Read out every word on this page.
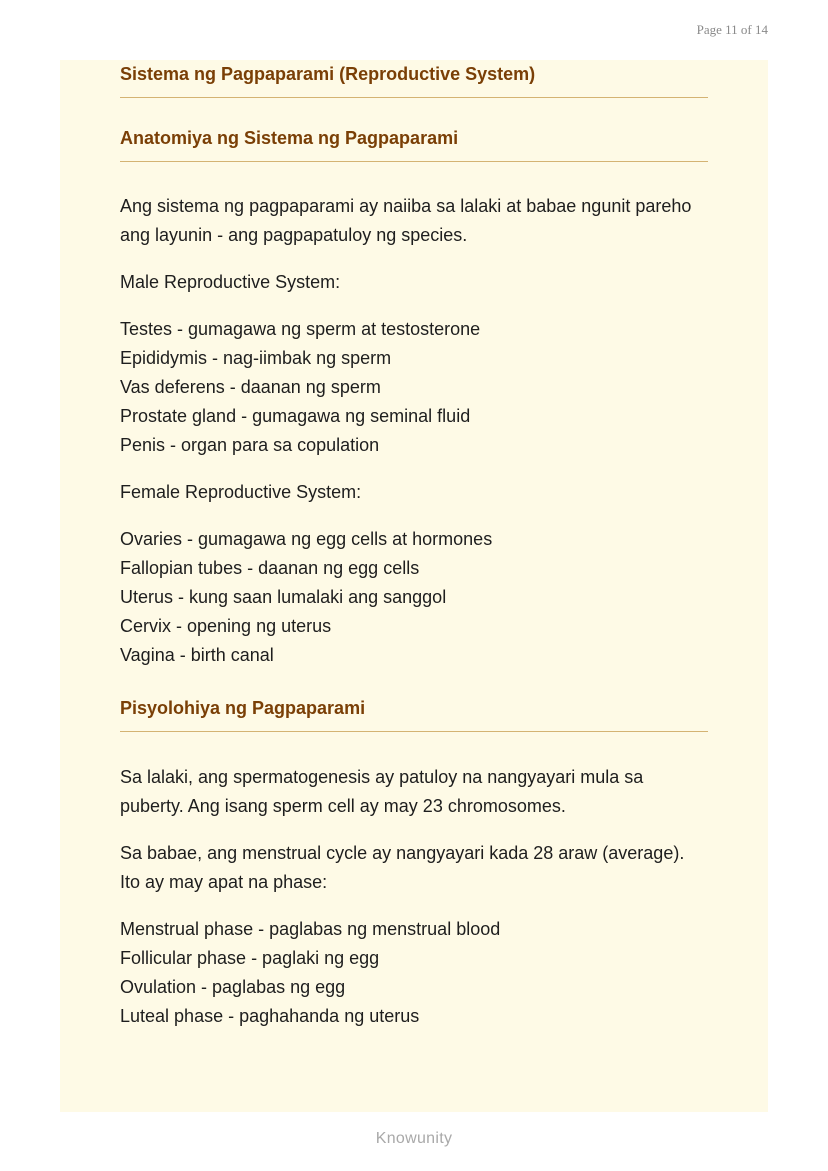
Page 11 of 14
Sistema ng Pagpaparami (Reproductive System)
Anatomiya ng Sistema ng Pagpaparami

Ang sistema ng pagpaparami ay naiiba sa lalaki at babae ngunit pareho ang layunin - ang pagpapatuloy ng species.

Male Reproductive System:

Testes - gumagawa ng sperm at testosterone
Epididymis - nag-iimbak ng sperm
Vas deferens - daanan ng sperm
Prostate gland - gumagawa ng seminal fluid
Penis - organ para sa copulation

Female Reproductive System:

Ovaries - gumagawa ng egg cells at hormones
Fallopian tubes - daanan ng egg cells
Uterus - kung saan lumalaki ang sanggol
Cervix - opening ng uterus
Vagina - birth canal
Pisyolohiya ng Pagpaparami

Sa lalaki, ang spermatogenesis ay patuloy na nangyayari mula sa puberty. Ang isang sperm cell ay may 23 chromosomes.

Sa babae, ang menstrual cycle ay nangyayari kada 28 araw (average). Ito ay may apat na phase:

Menstrual phase - paglabas ng menstrual blood
Follicular phase - paglaki ng egg
Ovulation - paglabas ng egg
Luteal phase - paghahanda ng uterus
Knowunity
